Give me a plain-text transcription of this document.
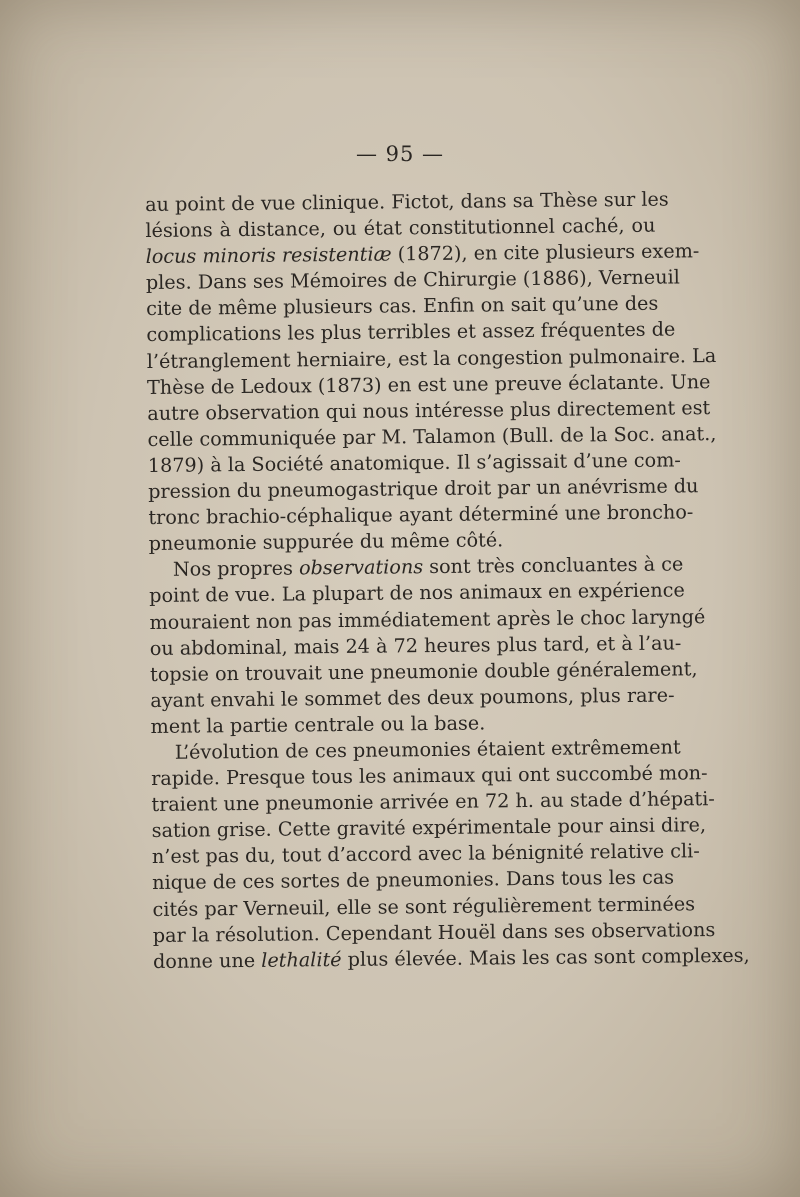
— 95 —
au point de vue clinique. Fictot, dans sa Thèse sur les
lésions à distance, ou état constitutionnel caché, ou
locus minoris resistentiæ (1872), en cite plusieurs exem-
ples. Dans ses Mémoires de Chirurgie (1886), Verneuil
cite de même plusieurs cas. Enfin on sait qu’une des
complications les plus terribles et assez fréquentes de
l’étranglement herniaire, est la congestion pulmonaire. La
Thèse de Ledoux (1873) en est une preuve éclatante. Une
autre observation qui nous intéresse plus directement est
celle communiquée par M. Talamon (Bull. de la Soc. anat.,
1879) à la Société anatomique. Il s’agissait d’une com-
pression du pneumogastrique droit par un anévrisme du
tronc brachio-céphalique ayant déterminé une broncho-
pneumonie suppurée du même côté.
Nos propres observations sont très concluantes à ce
point de vue. La plupart de nos animaux en expérience
mouraient non pas immédiatement après le choc laryngé
ou abdominal, mais 24 à 72 heures plus tard, et à l’au-
topsie on trouvait une pneumonie double généralement,
ayant envahi le sommet des deux poumons, plus rare-
ment la partie centrale ou la base.
L’évolution de ces pneumonies étaient extrêmement
rapide. Presque tous les animaux qui ont succombé mon-
traient une pneumonie arrivée en 72 h. au stade d’hépati-
sation grise. Cette gravité expérimentale pour ainsi dire,
n’est pas du, tout d’accord avec la bénignité relative cli-
nique de ces sortes de pneumonies. Dans tous les cas
cités par Verneuil, elle se sont régulièrement terminées
par la résolution. Cependant Houël dans ses observations
donne une lethalité plus élevée. Mais les cas sont complexes,
